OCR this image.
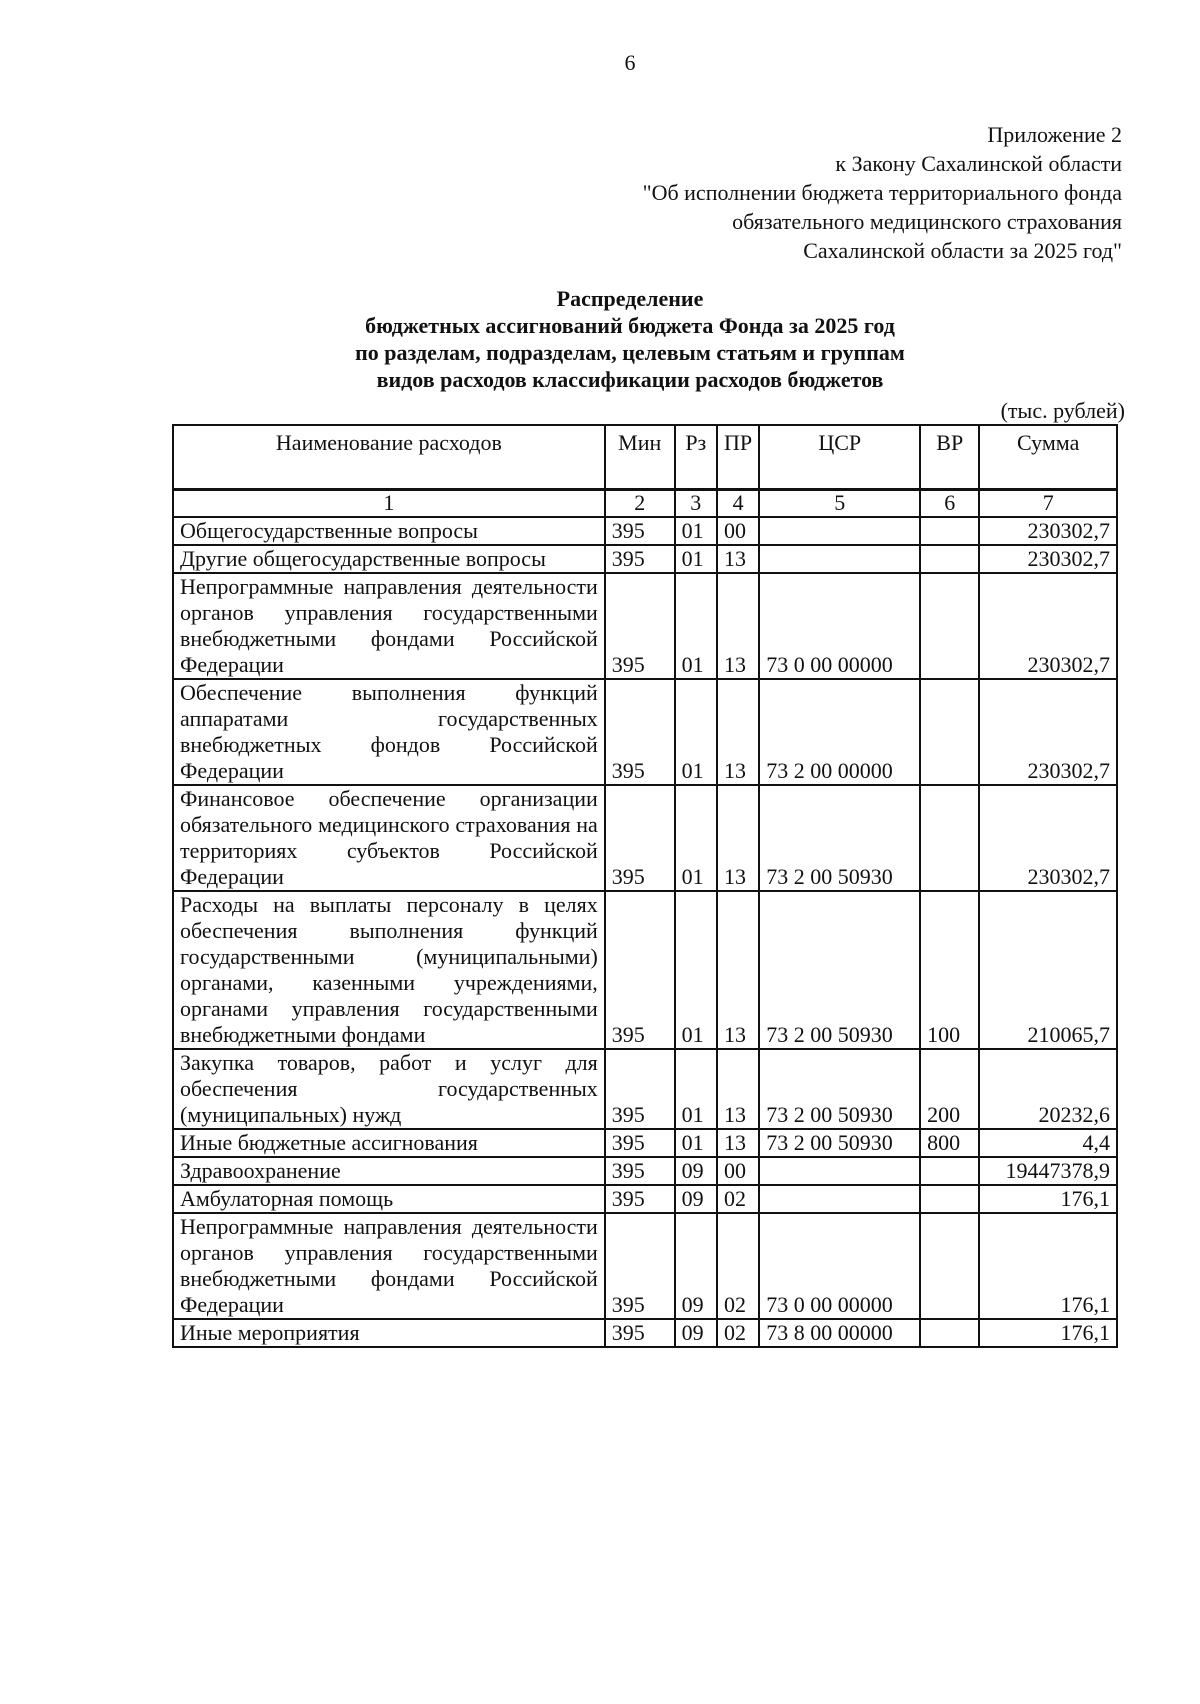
6
Приложение 2
к Закону Сахалинской области
"Об исполнении бюджета территориального фонда
обязательного медицинского страхования
Сахалинской области за 2025 год"
Распределение
бюджетных ассигнований бюджета Фонда за 2025 год
по разделам, подразделам, целевым статьям и группам
видов расходов классификации расходов бюджетов
(тыс. рублей)
Наименование расходов	Мин	Рз	ПР	ЦСР	ВР	Сумма
1	2	3	4	5	6	7
Общегосударственные вопросы	395	01	00			230302,7
Другие общегосударственные вопросы	395	01	13			230302,7
Непрограммные направления деятельности органов управления государственными внебюджетными фондами Российской Федерации	395	01	13	73 0 00 00000		230302,7
Обеспечение выполнения функций аппаратами государственных внебюджетных фондов Российской Федерации	395	01	13	73 2 00 00000		230302,7
Финансовое обеспечение организации обязательного медицинского страхования на территориях субъектов Российской Федерации	395	01	13	73 2 00 50930		230302,7
Расходы на выплаты персоналу в целях обеспечения выполнения функций государственными (муниципальными) органами, казенными учреждениями, органами управления государственными внебюджетными фондами	395	01	13	73 2 00 50930	100	210065,7
Закупка товаров, работ и услуг для обеспечения государственных (муниципальных) нужд	395	01	13	73 2 00 50930	200	20232,6
Иные бюджетные ассигнования	395	01	13	73 2 00 50930	800	4,4
Здравоохранение	395	09	00			19447378,9
Амбулаторная помощь	395	09	02			176,1
Непрограммные направления деятельности органов управления государственными внебюджетными фондами Российской Федерации	395	09	02	73 0 00 00000		176,1
Иные мероприятия	395	09	02	73 8 00 00000		176,1
